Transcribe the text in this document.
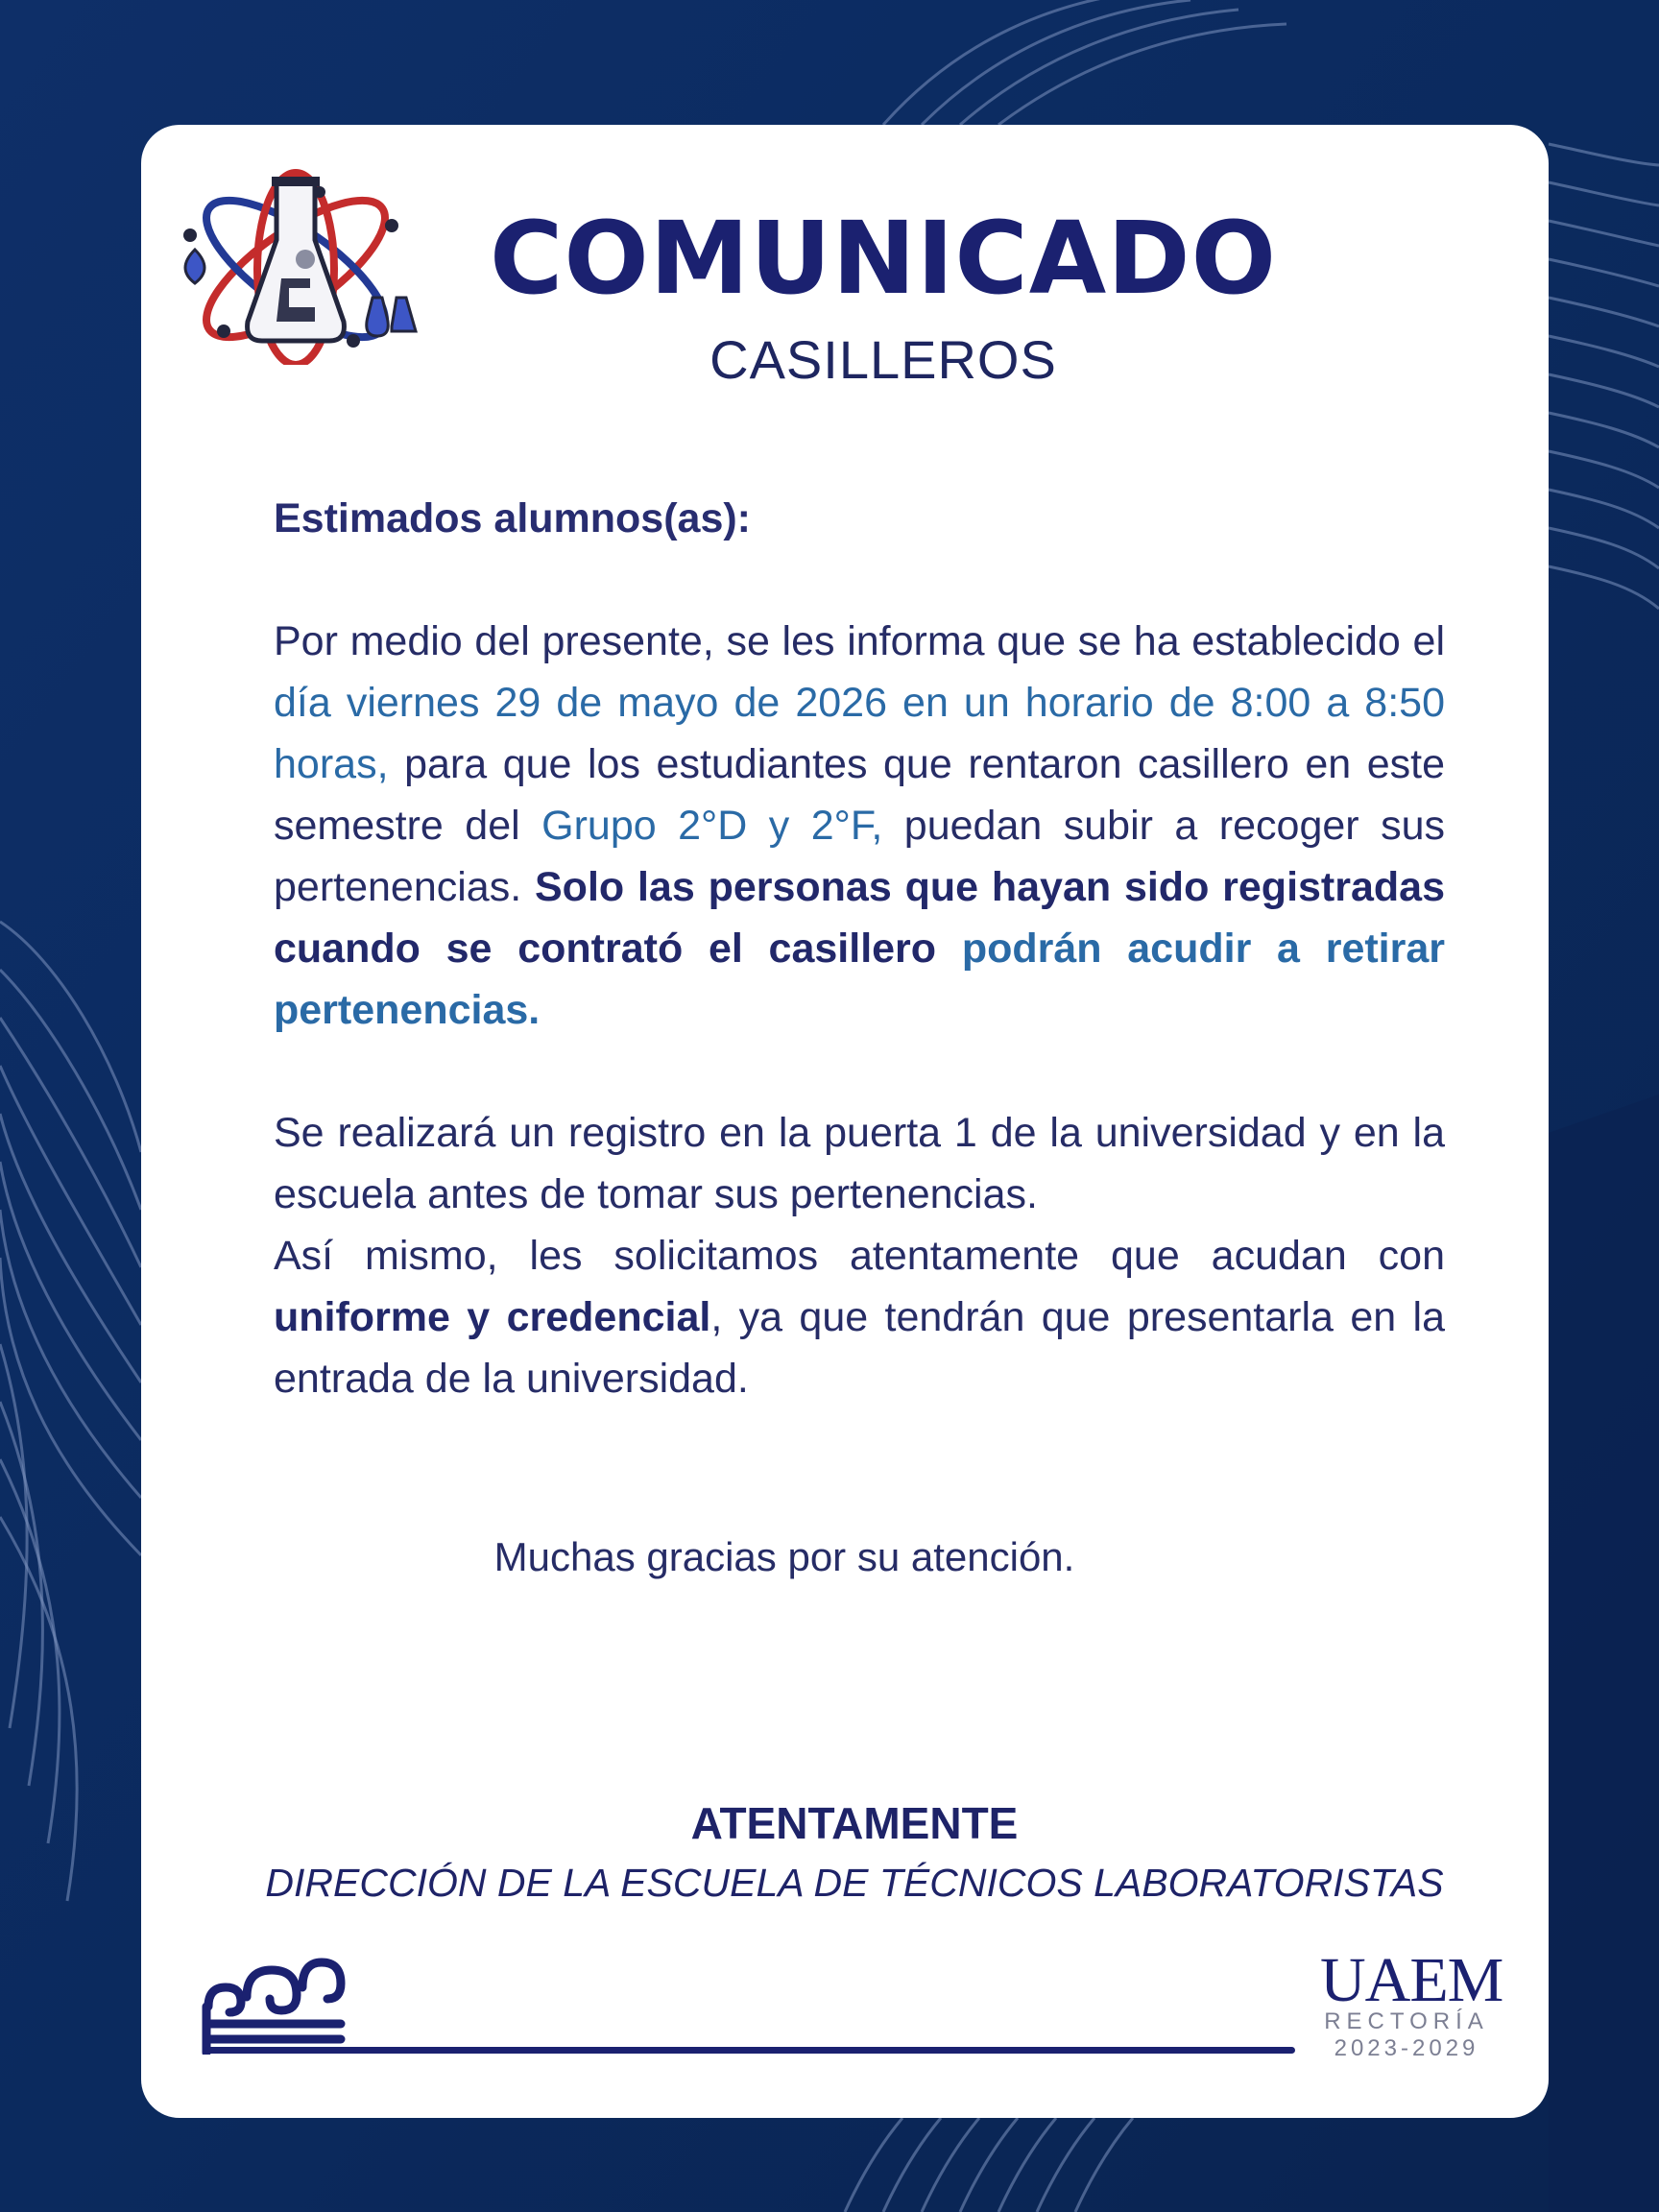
COMUNICADO
CASILLEROS

Estimados alumnos(as):

Por medio del presente, se les informa que se ha establecido el día viernes 29 de mayo de 2026 en un horario de 8:00 a 8:50 horas, para que los estudiantes que rentaron casillero en este semestre del Grupo 2°D y 2°F, puedan subir a recoger sus pertenencias. Solo las personas que hayan sido registradas cuando se contrató el casillero podrán acudir a retirar pertenencias.

Se realizará un registro en la puerta 1 de la universidad y en la escuela antes de tomar sus pertenencias.

Así mismo, les solicitamos atentamente que acudan con uniforme y credencial, ya que tendrán que presentarla en la entrada de la universidad.

Muchas gracias por su atención.
ATENTAMENTE
DIRECCIÓN DE LA ESCUELA DE TÉCNICOS LABORATORISTAS
UAEM
RECTORÍA
2023-2029
